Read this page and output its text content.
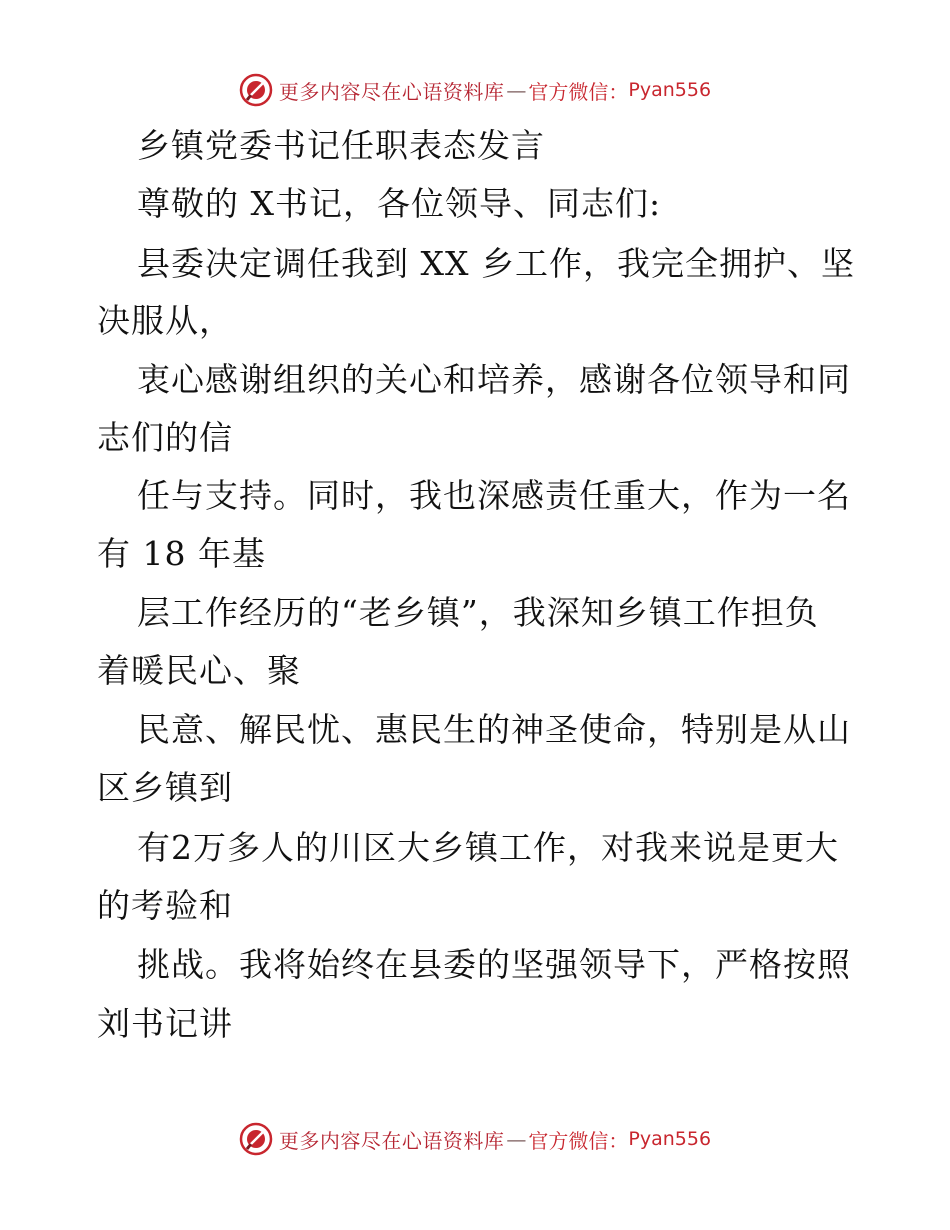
更多内容尽在心语资料库 — 官方微信： Pyan556
乡镇党委书记任职表态发言
尊敬的 X书记，各位领导、同志们:
县委决定调任我到 XX 乡工作，我完全拥护、坚
决服从，
衷心感谢组织的关心和培养，感谢各位领导和同
志们的信
任与支持。同时，我也深感责任重大，作为一名
有 18 年基
层工作经历的“老乡镇”，我深知乡镇工作担负
着暖民心、聚
民意、解民忧、惠民生的神圣使命，特别是从山
区乡镇到
有2万多人的川区大乡镇工作，对我来说是更大
的考验和
挑战。我将始终在县委的坚强领导下，严格按照
刘书记讲
更多内容尽在心语资料库 — 官方微信： Pyan556
